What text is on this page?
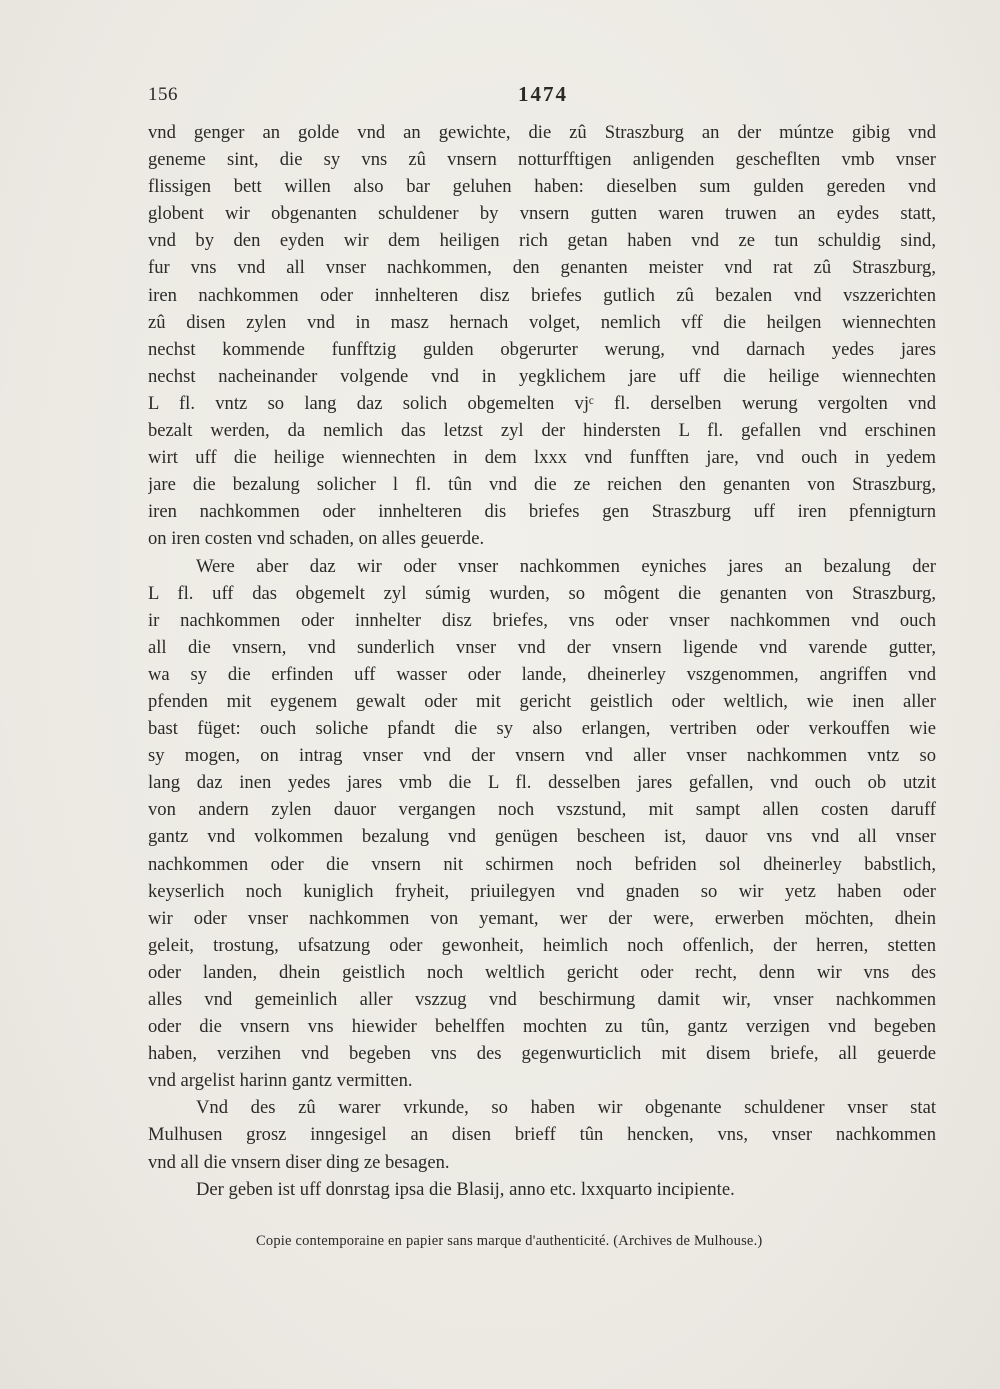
156	1474
vnd genger an golde vnd an gewichte, die zû Straszburg an der múntze gibig vnd
geneme sint, die sy vns zû vnsern notturfftigen anligenden gescheflten vmb vnser
flissigen bett willen also bar geluhen haben: dieselben sum gulden gereden vnd
globent wir obgenanten schuldener by vnsern gutten waren truwen an eydes statt,
vnd by den eyden wir dem heiligen rich getan haben vnd ze tun schuldig sind,
fur vns vnd all vnser nachkommen, den genanten meister vnd rat zû Straszburg,
iren nachkommen oder innhelteren disz briefes gutlich zû bezalen vnd vszzerichten
zû disen zylen vnd in masz hernach volget, nemlich vff die heilgen wiennechten
nechst kommende funfftzig gulden obgerurter werung, vnd darnach yedes jares
nechst nacheinander volgende vnd in yegklichem jare uff die heilige wiennechten
L fl. vntz so lang daz solich obgemelten vjᶜ fl. derselben werung vergolten vnd
bezalt werden, da nemlich das letzst zyl der hindersten L fl. gefallen vnd erschinen
wirt uff die heilige wiennechten in dem lxxx vnd funfften jare, vnd ouch in yedem
jare die bezalung solicher l fl. tûn vnd die ze reichen den genanten von Straszburg,
iren nachkommen oder innhelteren dis briefes gen Straszburg uff iren pfennigturn
on iren costen vnd schaden, on alles geuerde.
Were aber daz wir oder vnser nachkommen eyniches jares an bezalung der
L fl. uff das obgemelt zyl súmig wurden, so môgent die genanten von Straszburg,
ir nachkommen oder innhelter disz briefes, vns oder vnser nachkommen vnd ouch
all die vnsern, vnd sunderlich vnser vnd der vnsern ligende vnd varende gutter,
wa sy die erfinden uff wasser oder lande, dheinerley vszgenommen, angriffen vnd
pfenden mit eygenem gewalt oder mit gericht geistlich oder weltlich, wie inen aller
bast füget: ouch soliche pfandt die sy also erlangen, vertriben oder verkouffen wie
sy mogen, on intrag vnser vnd der vnsern vnd aller vnser nachkommen vntz so
lang daz inen yedes jares vmb die L fl. desselben jares gefallen, vnd ouch ob utzit
von andern zylen dauor vergangen noch vszstund, mit sampt allen costen daruff
gantz vnd volkommen bezalung vnd genügen bescheen ist, dauor vns vnd all vnser
nachkommen oder die vnsern nit schirmen noch befriden sol dheinerley babstlich,
keyserlich noch kuniglich fryheit, priuilegyen vnd gnaden so wir yetz haben oder
wir oder vnser nachkommen von yemant, wer der were, erwerben möchten, dhein
geleit, trostung, ufsatzung oder gewonheit, heimlich noch offenlich, der herren, stetten
oder landen, dhein geistlich noch weltlich gericht oder recht, denn wir vns des
alles vnd gemeinlich aller vszzug vnd beschirmung damit wir, vnser nachkommen
oder die vnsern vns hiewider behelffen mochten zu tûn, gantz verzigen vnd begeben
haben, verzihen vnd begeben vns des gegenwurticlich mit disem briefe, all geuerde
vnd argelist harinn gantz vermitten.
Vnd des zû warer vrkunde, so haben wir obgenante schuldener vnser stat
Mulhusen grosz inngesigel an disen brieff tûn hencken, vns, vnser nachkommen
vnd all die vnsern diser ding ze besagen.
Der geben ist uff donrstag ipsa die Blasij, anno etc. lxxquarto incipiente.
Copie contemporaine en papier sans marque d'authenticité. (Archives de Mulhouse.)
